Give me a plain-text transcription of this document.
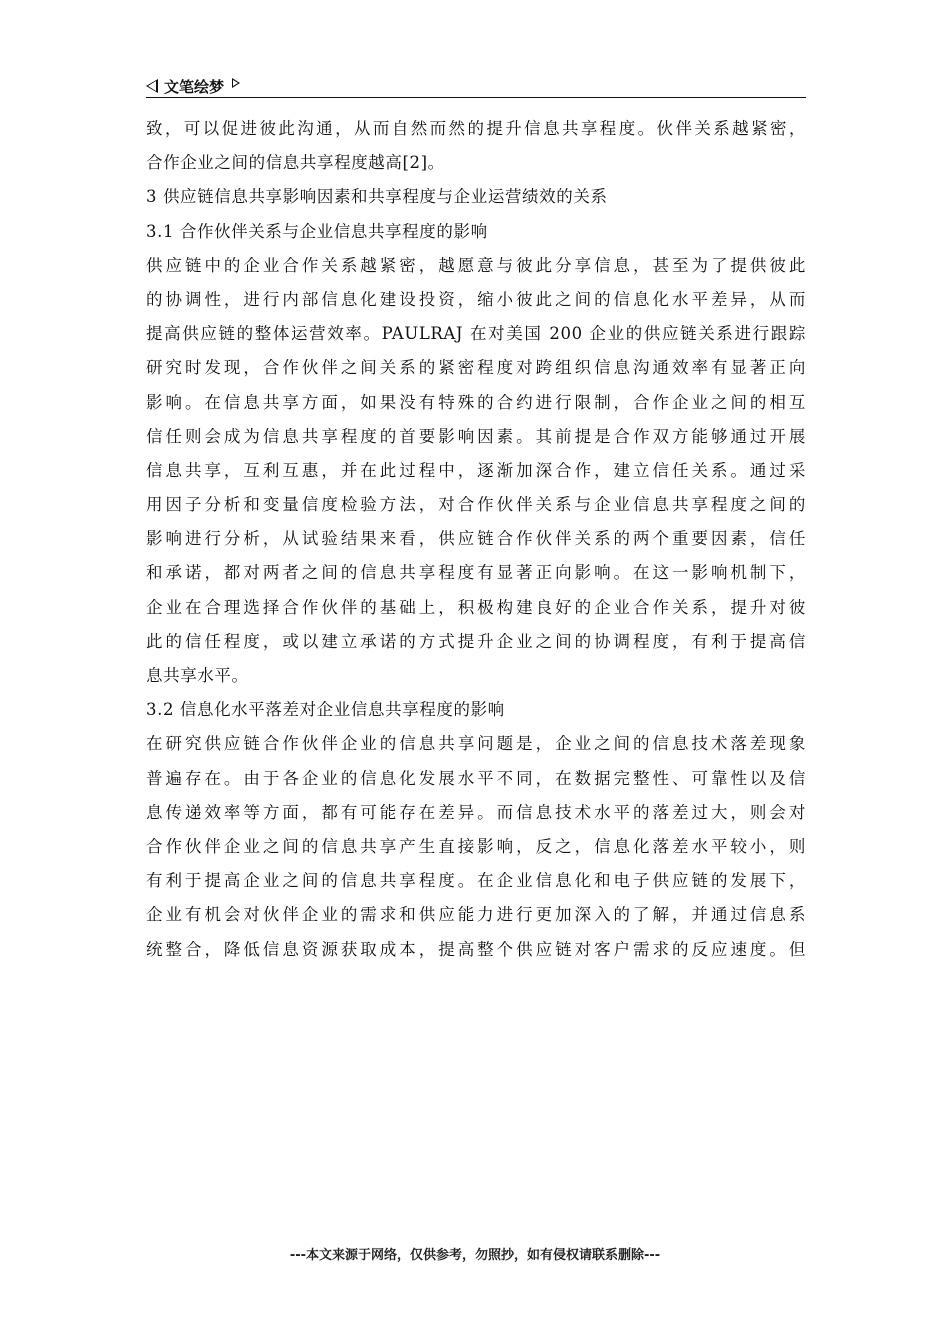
文笔绘梦
致，可以促进彼此沟通，从而自然而然的提升信息共享程度。伙伴关系越紧密，
合作企业之间的信息共享程度越高[2]。
3 供应链信息共享影响因素和共享程度与企业运营绩效的关系
3.1 合作伙伴关系与企业信息共享程度的影响
供应链中的企业合作关系越紧密，越愿意与彼此分享信息，甚至为了提供彼此
的协调性，进行内部信息化建设投资，缩小彼此之间的信息化水平差异，从而
提高供应链的整体运营效率。PAULRAJ 在对美国 200 企业的供应链关系进行跟踪
研究时发现，合作伙伴之间关系的紧密程度对跨组织信息沟通效率有显著正向
影响。在信息共享方面，如果没有特殊的合约进行限制，合作企业之间的相互
信任则会成为信息共享程度的首要影响因素。其前提是合作双方能够通过开展
信息共享，互利互惠，并在此过程中，逐渐加深合作，建立信任关系。通过采
用因子分析和变量信度检验方法，对合作伙伴关系与企业信息共享程度之间的
影响进行分析，从试验结果来看，供应链合作伙伴关系的两个重要因素，信任
和承诺，都对两者之间的信息共享程度有显著正向影响。在这一影响机制下，
企业在合理选择合作伙伴的基础上，积极构建良好的企业合作关系，提升对彼
此的信任程度，或以建立承诺的方式提升企业之间的协调程度，有利于提高信
息共享水平。
3.2 信息化水平落差对企业信息共享程度的影响
在研究供应链合作伙伴企业的信息共享问题是，企业之间的信息技术落差现象
普遍存在。由于各企业的信息化发展水平不同，在数据完整性、可靠性以及信
息传递效率等方面，都有可能存在差异。而信息技术水平的落差过大，则会对
合作伙伴企业之间的信息共享产生直接影响，反之，信息化落差水平较小，则
有利于提高企业之间的信息共享程度。在企业信息化和电子供应链的发展下，
企业有机会对伙伴企业的需求和供应能力进行更加深入的了解，并通过信息系
统整合，降低信息资源获取成本，提高整个供应链对客户需求的反应速度。但
---本文来源于网络，仅供参考，勿照抄，如有侵权请联系删除---
